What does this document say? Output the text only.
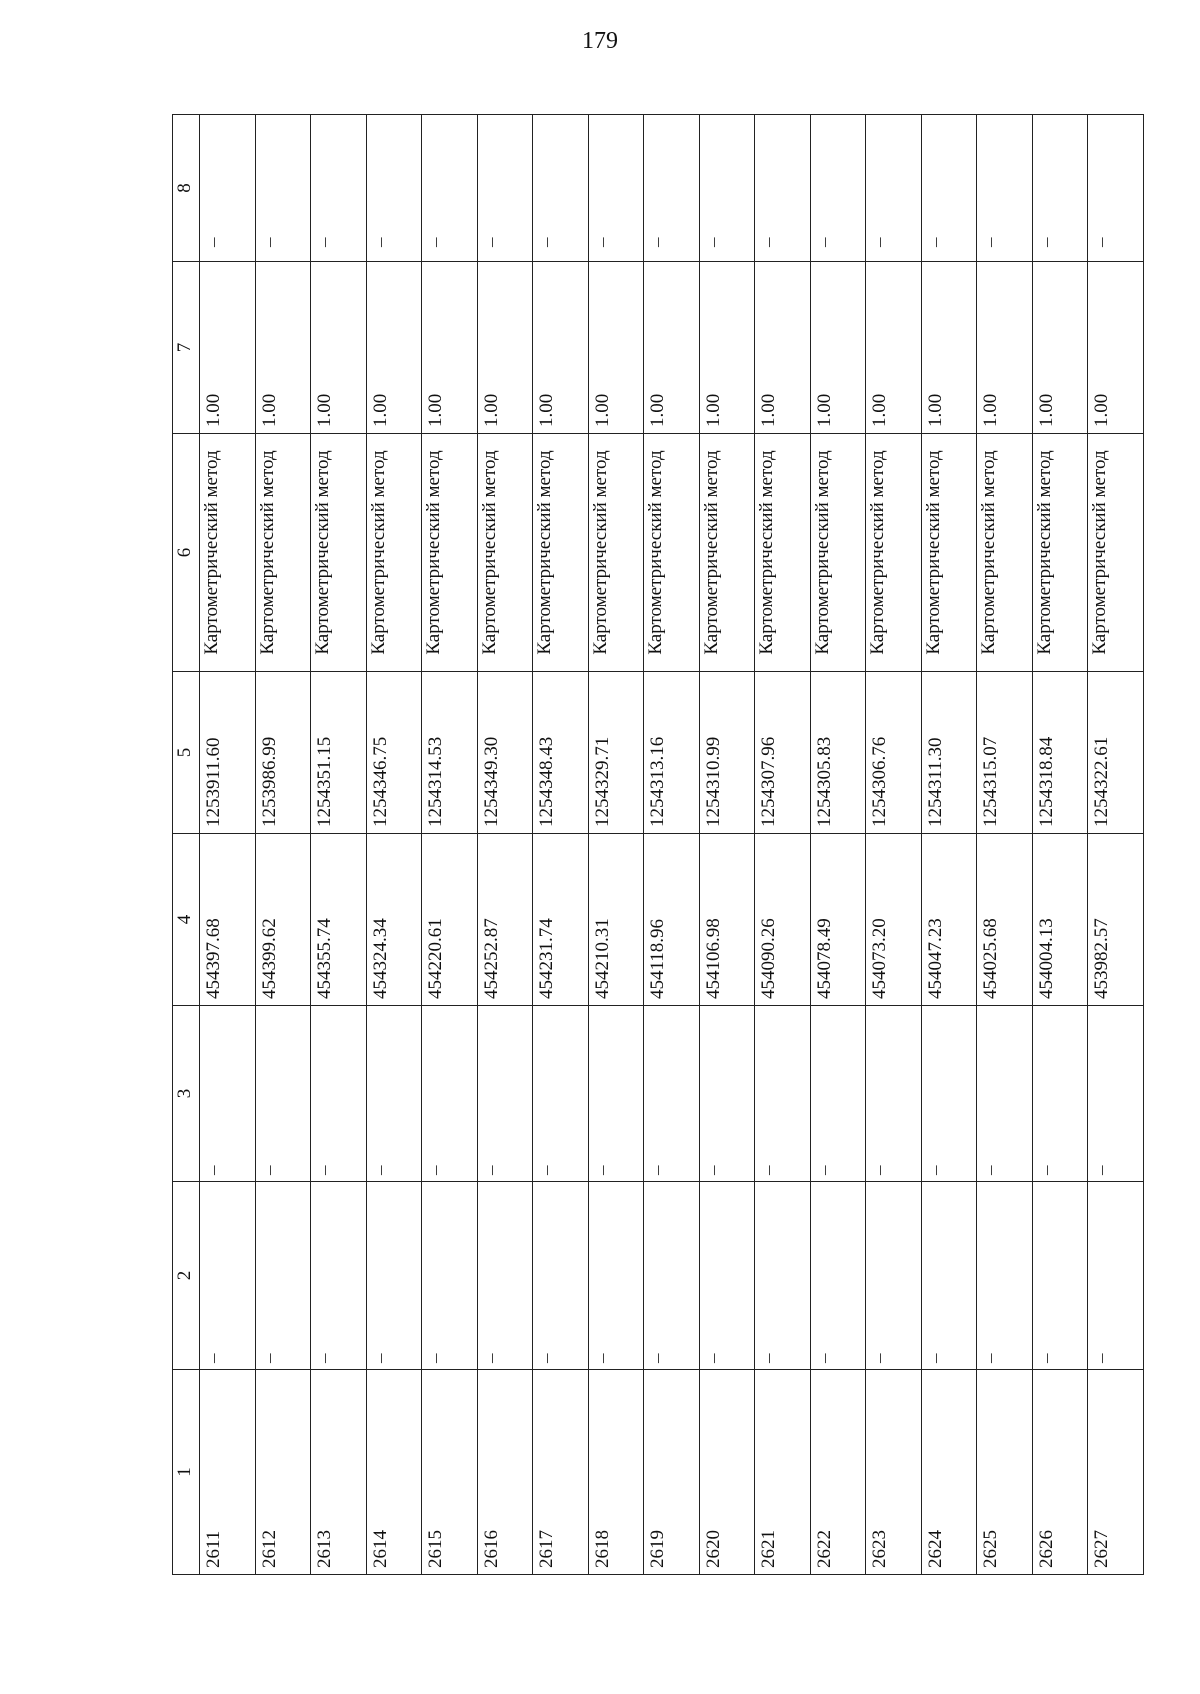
179
1	2	3	4	5	6	7	8
2611	–	–	454397.68	1253911.60	Картометрический метод	1.00	–
2612	–	–	454399.62	1253986.99	Картометрический метод	1.00	–
2613	–	–	454355.74	1254351.15	Картометрический метод	1.00	–
2614	–	–	454324.34	1254346.75	Картометрический метод	1.00	–
2615	–	–	454220.61	1254314.53	Картометрический метод	1.00	–
2616	–	–	454252.87	1254349.30	Картометрический метод	1.00	–
2617	–	–	454231.74	1254348.43	Картометрический метод	1.00	–
2618	–	–	454210.31	1254329.71	Картометрический метод	1.00	–
2619	–	–	454118.96	1254313.16	Картометрический метод	1.00	–
2620	–	–	454106.98	1254310.99	Картометрический метод	1.00	–
2621	–	–	454090.26	1254307.96	Картометрический метод	1.00	–
2622	–	–	454078.49	1254305.83	Картометрический метод	1.00	–
2623	–	–	454073.20	1254306.76	Картометрический метод	1.00	–
2624	–	–	454047.23	1254311.30	Картометрический метод	1.00	–
2625	–	–	454025.68	1254315.07	Картометрический метод	1.00	–
2626	–	–	454004.13	1254318.84	Картометрический метод	1.00	–
2627	–	–	453982.57	1254322.61	Картометрический метод	1.00	–
